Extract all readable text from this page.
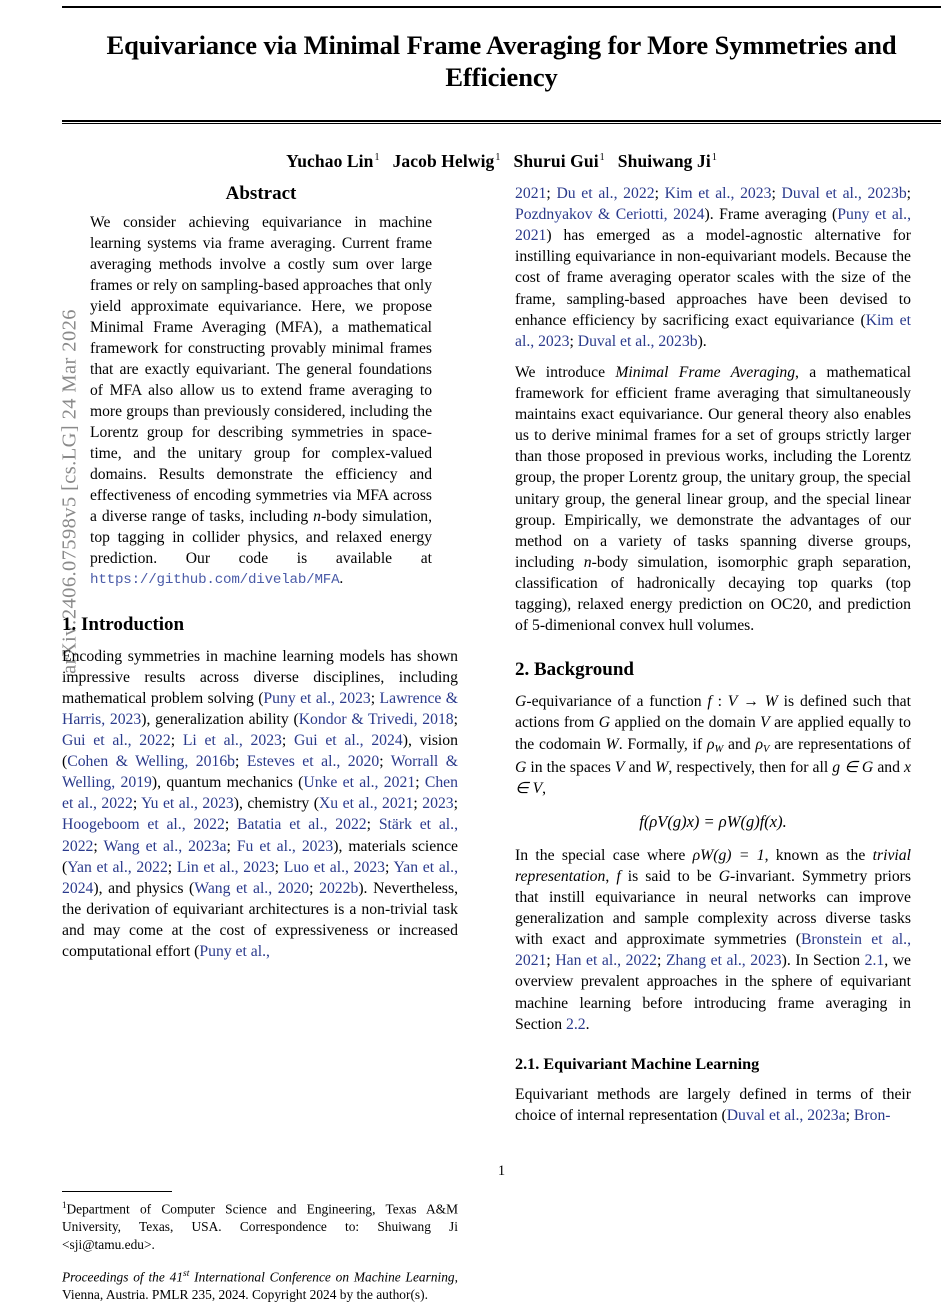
arXiv:2406.07598v5 [cs.LG] 24 Mar 2026
Equivariance via Minimal Frame Averaging for More Symmetries and Efficiency
Yuchao Lin$^1$ Jacob Helwig$^1$ Shurui Gui$^1$ Shuiwang Ji$^1$
Abstract

We consider achieving equivariance in machine learning systems via frame averaging. Current frame averaging methods involve a costly sum over large frames or rely on sampling-based approaches that only yield approximate equivariance. Here, we propose Minimal Frame Averaging (MFA), a mathematical framework for constructing provably minimal frames that are exactly equivariant. The general foundations of MFA also allow us to extend frame averaging to more groups than previously considered, including the Lorentz group for describing symmetries in space-time, and the unitary group for complex-valued domains. Results demonstrate the efficiency and effectiveness of encoding symmetries via MFA across a diverse range of tasks, including n-body simulation, top tagging in collider physics, and relaxed energy prediction. Our code is available at https://github.com/divelab/MFA.

1. Introduction

Encoding symmetries in machine learning models has shown impressive results across diverse disciplines, including mathematical problem solving (Puny et al., 2023; Lawrence & Harris, 2023), generalization ability (Kondor & Trivedi, 2018; Gui et al., 2022; Li et al., 2023; Gui et al., 2024), vision (Cohen & Welling, 2016b; Esteves et al., 2020; Worrall & Welling, 2019), quantum mechanics (Unke et al., 2021; Chen et al., 2022; Yu et al., 2023), chemistry (Xu et al., 2021; 2023; Hoogeboom et al., 2022; Batatia et al., 2022; Stärk et al., 2022; Wang et al., 2023a; Fu et al., 2023), materials science (Yan et al., 2022; Lin et al., 2023; Luo et al., 2023; Yan et al., 2024), and physics (Wang et al., 2020; 2022b). Nevertheless, the derivation of equivariant architectures is a non-trivial task and may come at the cost of expressiveness or increased computational effort (Puny et al.,

$^1$Department of Computer Science and Engineering, Texas A&M University, Texas, USA. Correspondence to: Shuiwang Ji <sji@tamu.edu>.

Proceedings of the 41st International Conference on Machine Learning, Vienna, Austria. PMLR 235, 2024. Copyright 2024 by the author(s).

2021; Du et al., 2022; Kim et al., 2023; Duval et al., 2023b; Pozdnyakov & Ceriotti, 2024). Frame averaging (Puny et al., 2021) has emerged as a model-agnostic alternative for instilling equivariance in non-equivariant models. Because the cost of frame averaging operator scales with the size of the frame, sampling-based approaches have been devised to enhance efficiency by sacrificing exact equivariance (Kim et al., 2023; Duval et al., 2023b).

We introduce Minimal Frame Averaging, a mathematical framework for efficient frame averaging that simultaneously maintains exact equivariance. Our general theory also enables us to derive minimal frames for a set of groups strictly larger than those proposed in previous works, including the Lorentz group, the proper Lorentz group, the unitary group, the special unitary group, the general linear group, and the special linear group. Empirically, we demonstrate the advantages of our method on a variety of tasks spanning diverse groups, including n-body simulation, isomorphic graph separation, classification of hadronically decaying top quarks (top tagging), relaxed energy prediction on OC20, and prediction of 5-dimenional convex hull volumes.

2. Background

G-equivariance of a function f : V → W is defined such that actions from G applied on the domain V are applied equally to the codomain W. Formally, if $\rho_W$ and $\rho_V$ are representations of G in the spaces V and W, respectively, then for all g ∈ G and x ∈ V,

f(ρV(g)x) = ρW(g)f(x).

In the special case where ρW(g) = 1, known as the trivial representation, f is said to be G-invariant. Symmetry priors that instill equivariance in neural networks can improve generalization and sample complexity across diverse tasks with exact and approximate symmetries (Bronstein et al., 2021; Han et al., 2022; Zhang et al., 2023). In Section 2.1, we overview prevalent approaches in the sphere of equivariant machine learning before introducing frame averaging in Section 2.2.

2.1. Equivariant Machine Learning

Equivariant methods are largely defined in terms of their choice of internal representation (Duval et al., 2023a; Bron-

1
